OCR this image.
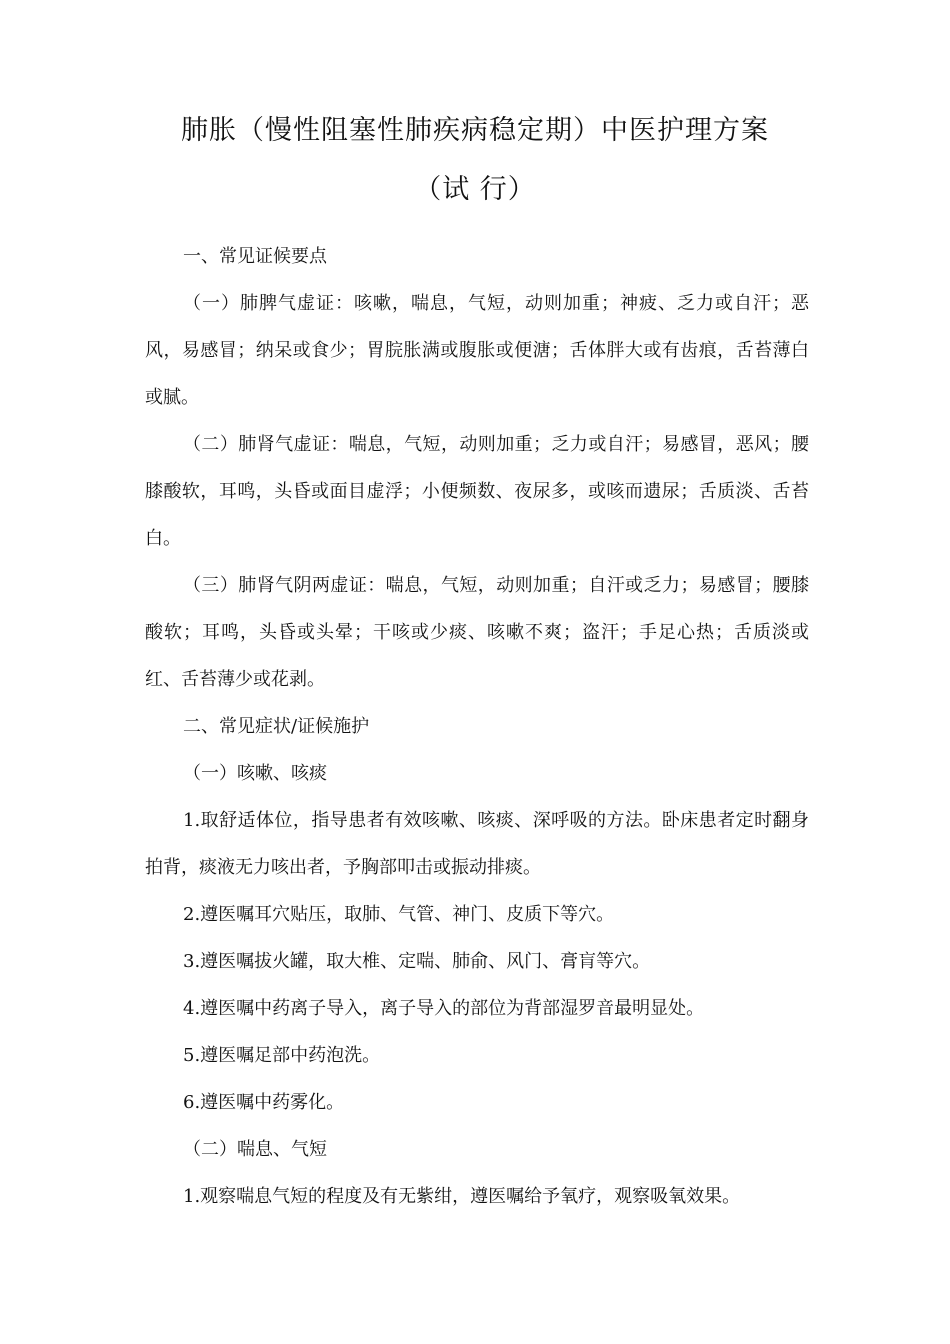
肺胀（慢性阻塞性肺疾病稳定期）中医护理方案
（试 行）

一、常见证候要点

（一）肺脾气虚证：咳嗽，喘息，气短，动则加重；神疲、乏力或自汗；恶风，易感冒；纳呆或食少；胃脘胀满或腹胀或便溏；舌体胖大或有齿痕，舌苔薄白或腻。

（二）肺肾气虚证：喘息，气短，动则加重；乏力或自汗；易感冒，恶风；腰膝酸软，耳鸣，头昏或面目虚浮；小便频数、夜尿多，或咳而遗尿；舌质淡、舌苔白。

（三）肺肾气阴两虚证：喘息，气短，动则加重；自汗或乏力；易感冒；腰膝酸软；耳鸣，头昏或头晕；干咳或少痰、咳嗽不爽；盗汗；手足心热；舌质淡或红、舌苔薄少或花剥。

二、常见症状/证候施护

（一）咳嗽、咳痰

1.取舒适体位，指导患者有效咳嗽、咳痰、深呼吸的方法。卧床患者定时翻身拍背，痰液无力咳出者，予胸部叩击或振动排痰。

2.遵医嘱耳穴贴压，取肺、气管、神门、皮质下等穴。

3.遵医嘱拔火罐，取大椎、定喘、肺俞、风门、膏肓等穴。

4.遵医嘱中药离子导入，离子导入的部位为背部湿罗音最明显处。

5.遵医嘱足部中药泡洗。

6.遵医嘱中药雾化。

（二）喘息、气短

1.观察喘息气短的程度及有无紫绀，遵医嘱给予氧疗，观察吸氧效果。
